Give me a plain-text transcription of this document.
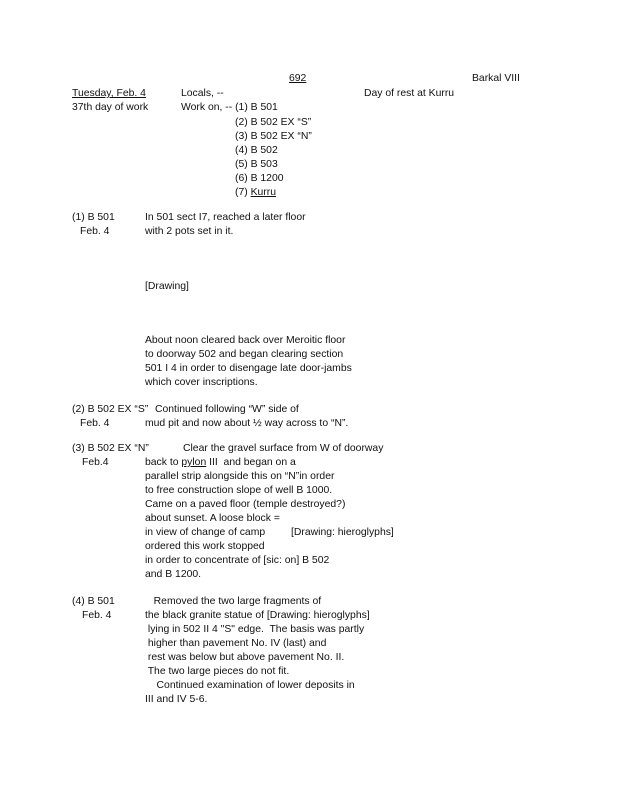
692	Barkal VIII
Tuesday, Feb. 4
37th day of work
Locals, --
Work on, -- (1) B 501
Day of rest at Kurru
(2) B 502 EX “S”
(3) B 502 EX “N”
(4) B 502
(5) B 503
(6) B 1200
(7) Kurru
(1) B 501
Feb. 4
In 501 sect I7, reached a later floor
with 2 pots set in it.
[Drawing]
About noon cleared back over Meroitic floor
to doorway 502 and began clearing section
501 I 4 in order to disengage late door-jambs
which cover inscriptions.
(2) B 502 EX “S”
Feb. 4
Continued following “W” side of
mud pit and now about ½ way across to “N”.
(3) B 502 EX “N”
Feb.4
Clear the gravel surface from W of doorway
back to pylon III  and began on a
parallel strip alongside this on “N”in order
to free construction slope of well B 1000.
Came on a paved floor (temple destroyed?)
about sunset. A loose block =
in view of change of camp [Drawing: hieroglyphs]
ordered this work stopped
in order to concentrate of [sic: on] B 502
and B 1200.
(4) B 501
Feb. 4
Removed the two large fragments of
the black granite statue of [Drawing: hieroglyphs]
lying in 502 II 4 "S" edge.  The basis was partly
higher than pavement No. IV (last) and
rest was below but above pavement No. II.
The two large pieces do not fit.
Continued examination of lower deposits in
III and IV 5-6.
